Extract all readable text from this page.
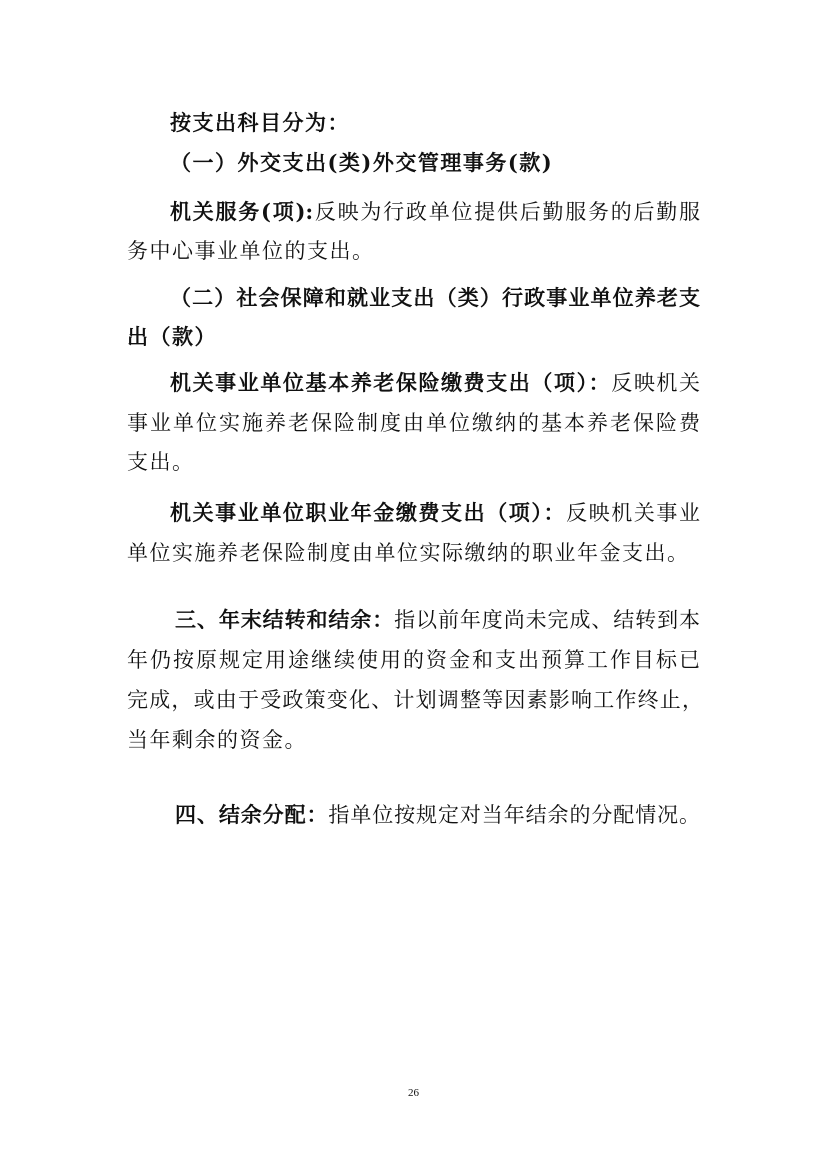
按支出科目分为：
（一）外交支出(类)外交管理事务(款)
机关服务(项):反映为行政单位提供后勤服务的后勤服
务中心事业单位的支出。
（二）社会保障和就业支出（类）行政事业单位养老支
出（款）
机关事业单位基本养老保险缴费支出（项）：反映机关
事业单位实施养老保险制度由单位缴纳的基本养老保险费
支出。
机关事业单位职业年金缴费支出（项）：反映机关事业
单位实施养老保险制度由单位实际缴纳的职业年金支出。
三、年末结转和结余：指以前年度尚未完成、结转到本
年仍按原规定用途继续使用的资金和支出预算工作目标已
完成，或由于受政策变化、计划调整等因素影响工作终止，
当年剩余的资金。
四、结余分配：指单位按规定对当年结余的分配情况。
26
